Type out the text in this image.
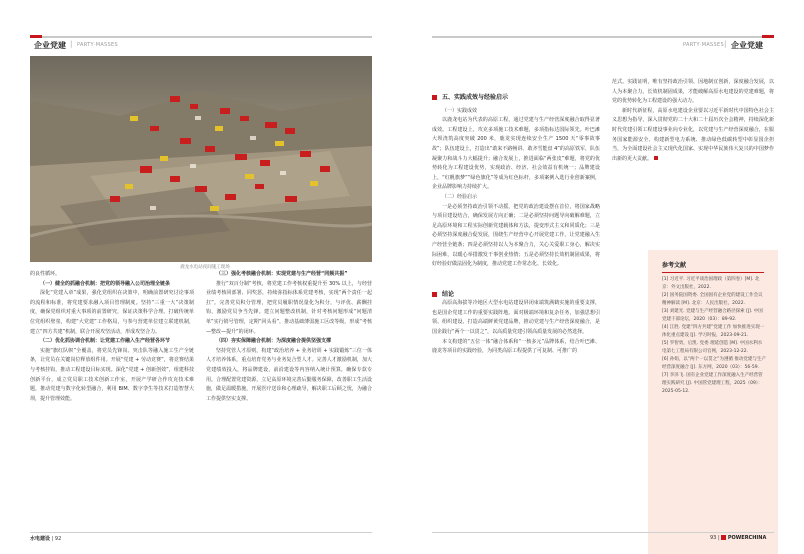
企业党建 | PARTY·MASSES	PARTY·MASSES | 企业党建
鹿龙水电站夜间施工现场

的良性循环。

（一）健全的抓融合机制：把党的领导融入公司治理全链条

深化“党建入章”成果，强化党组织在决策中，明确前置研究讨论事项的流程和标准，将党建要求融入项目管理制度。坚持“三重一大”决策制度，确保党组织对重大事项的前置研究，保证决策科学合理。打破传统单位党组织壁垒，构建“大党建”工作格局，与参与营建单位建立联建机制，建立“四方共建”机制，联合开展攻坚活动，形成攻坚合力。

（二）优化抓协调合机制：让党建工作融入生产经营各环节

实施“旗红队帜”全覆盖，将党员先锋岗、突击队等融入施工生产全链条，让党员在关键岗位释放组件用。开展“党建 + 劳动竞赛”，将竞赛结果与考核挂钩，推动工程建设目标实现。深化“党建 + 创新创效”，组建科技创新平台，成立党员职工技术创新工作室，开展产学研合作攻克技术难题，推动党建与数字化转型融合，利用 BIM、数字孪生等技术打造智慧大坝，提升管理效能。

（三）强化考核融合机制：实现党建与生产经营“同频共振”

推行“双百分制”考核，将党建工作考核权重提升至 30% 以上，与经营业绩考核同部署、同奖惩，持续弥指标体系党建考核，实现“两个责任一起扛”。完善党员积分管理，把党员履职情况量化为积分，与评优、薪酬挂钩，激励党员争当先锋。建立问题整改机制，针对考核问题形成“问题清单”实行销号管理，定期“回头看”，推动基础薄弱施工区改等级，形成“考核—整改—提升”的闭环。

（四）夯实保障融合机制：为深度融合提供坚强支撑

坚持党管人才原则，构建“政治培养 + 业务培训 + 实践锻炼”三位一体人才培养体系，重点培育党务与业务复合型人才。完善人才激励机制，加大党建绩效投入，将品牌建设，前沿建设等内容纳入统计预算，确保专款专用。合理配置党建资源，立足高原环境完善后勤服务保障，改善职工生活设施，做足温暖措施，开展医疗送诊和心理疏导，解决职工后顾之忧，为融合工作提供坚实支撑。

五、实践成效与经验启示

（一）实践成效

以鹿龙电站为代表的高原工程，通过党建与生产经营深度融合取得显著成效。工程建设上，攻克多项施工技术难题，多项指标达国际领先。叶巴滩大坝浇筑高度突破 200 米，鹿龙实现连续安全生产 1500 天“零事故事故”；队伍建设上，打造出“敢来不路畅讲、敢齐雪能盘 4”的高原铁军，队伍凝聚力和战斗力大幅提升；融合发展上，推进面临“两张皮”难题，将党的优势转化为工程建设优势，实现政治、经济、社会效益有机统一；品牌建设上，“红帆旗梦”“绿色旗化”等成为红色标杆，多项案例入选行业创新案例，企业品牌影响力持续扩大。

（二）经验启示

一是必须坚持政治引领不动摇，把党的政治建设摆在首位，将国家战略与项目建设结合，确保发展方向正确；二是必须坚持问题导向破解难题，立足高原环境和工程实际创新党建载体和方法，提变形式主义和同质化；三是必须坚持深度融合促发展，围绕生产经营中心开展党建工作，让党建融入生产经营全链条；四是必须坚持以人为本聚合力，关心关爱职工身心，解决实际困难，以暖心举措激发干事创业热情；五是必须坚持长效机制固成果，将好经验好做法固化为制度，推动党建工作常态化、长效化。

结论

高原高海拔等冷地区大型水电站建设屏闭束端筑满鹤实施的重要支撑，也是国企党建工作的重要实践阵地。面对极端环境和复杂任务，加强思想引领、组织建设、打造高端鲜黄党建品牌，推动党建与生产经营深度融合，是国企践行“两个一以贯之”，以高质量党建引领高质量发展的必然选择。

本文构建的“五位一体”融合体系和“一核多元”品牌体系，结合叶巴滩、鹿龙等项目的实践经验，为同类高原工程提供了可复制、可推广的

范式。实践证明，唯有坚持政治引领、因地制宜创新，深度融合发展，以人为本聚合力，长效机制固成果，才能破解高原水电建设的党建难题，将党的优势转化为工程建设的强大动力。

新时代新征程，高原水电建设企业要以习近平新时代中国特色社会主义思想为指导，深入贯彻党的二十大和二十届历次全会精神，持续深化新时代党建引领工程建设事业向专业化，以党建与生产经营深度融合，在服务国家能源安全、构建新型电力系统、推动绿色低碳转型中彰显国企担当，为全面建设社会主义现代化国家、实现中华民族伟大复兴的中国梦作出新的更大贡献。

参考文献

[1] 习近平. 习近平谈治国理政（第四卷）[M]. 北京：外文出版社，2022.

[2] 国务院国资委. 全国国有企业党的建设工作会议精神解读 [M]. 北京：人民出版社，2022.

[3] 刘建光. 党建与生产经营融合路径探索 [J]. 中国党建干部论坛，2020（03）：89-92.

[4] 江胜. 党建“四方共建”党建工作 加快推进实现一体化重点建设 [J]. 学习时报，2023-09-21.

[5] 罗智勇，后凯. 党委 理延创造 [M]. 中国水利水电第七工程局有限公司官网，2023-12-22.

[6] 孙娟，以“两个一以贯之”为遵循 推动党建与生产经营深度融合 [J]. 东方网，2020（03）：56-59.

[7] 李泽飞. 国有企业党建工作深度融入生产经营管理实践研究 [J]. 中国管党建理工程，2025（09）：2025-05-12.

水电建设 | 92	93 |  POWERCHINA
